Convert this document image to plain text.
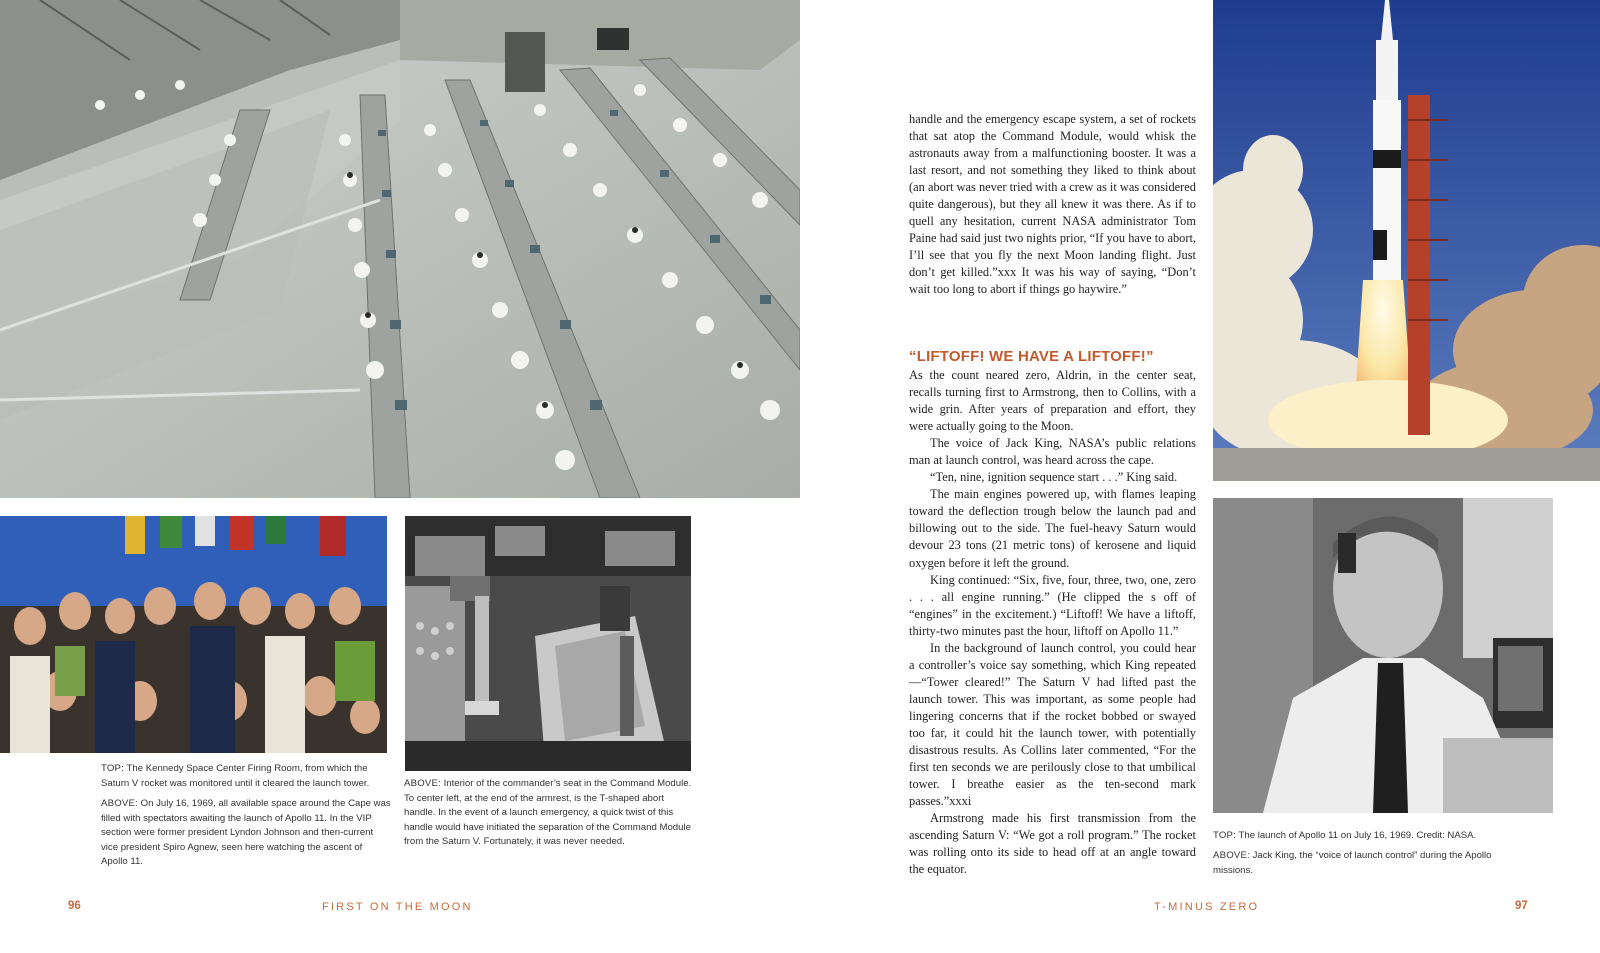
TOP: The Kennedy Space Center Firing Room, from which the Saturn V rocket was monitored until it cleared the launch tower.

ABOVE: On July 16, 1969, all available space around the Cape was filled with spectators awaiting the launch of Apollo 11. In the VIP section were former president Lyndon Johnson and then-current vice president Spiro Agnew, seen here watching the ascent of Apollo 11.

ABOVE: Interior of the commander’s seat in the Command Module. To center left, at the end of the armrest, is the T-shaped abort handle. In the event of a launch emergency, a quick twist of this handle would have initiated the separation of the Command Module from the Saturn V. Fortunately, it was never needed.

96	FIRST ON THE MOON

handle and the emergency escape system, a set of rockets that sat atop the Command Module, would whisk the astronauts away from a malfunctioning booster. It was a last resort, and not something they liked to think about (an abort was never tried with a crew as it was considered quite dangerous), but they all knew it was there. As if to quell any hesitation, current NASA administrator Tom Paine had said just two nights prior, “If you have to abort, I’ll see that you fly the next Moon landing flight. Just don’t get killed.”xxx It was his way of saying, “Don’t wait too long to abort if things go haywire.”

“LIFTOFF! WE HAVE A LIFTOFF!”

As the count neared zero, Aldrin, in the center seat, recalls turning first to Armstrong, then to Collins, with a wide grin. After years of preparation and effort, they were actually going to the Moon.

The voice of Jack King, NASA’s public relations man at launch control, was heard across the cape.

“Ten, nine, ignition sequence start . . .” King said.

The main engines powered up, with flames leaping toward the deflection trough below the launch pad and billowing out to the side. The fuel-heavy Saturn would devour 23 tons (21 metric tons) of kerosene and liquid oxygen before it left the ground.

King continued: “Six, five, four, three, two, one, zero . . . all engine running.” (He clipped the s off of “engines” in the excitement.) “Liftoff! We have a liftoff, thirty-two minutes past the hour, liftoff on Apollo 11.”

In the background of launch control, you could hear a controller’s voice say something, which King repeated—“Tower cleared!” The Saturn V had lifted past the launch tower. This was important, as some people had lingering concerns that if the rocket bobbed or swayed too far, it could hit the launch tower, with potentially disastrous results. As Collins later commented, “For the first ten seconds we are perilously close to that umbilical tower. I breathe easier as the ten-second mark passes.”xxxi

Armstrong made his first transmission from the ascending Saturn V: “We got a roll program.” The rocket was rolling onto its side to head off at an angle toward the equator.

TOP: The launch of Apollo 11 on July 16, 1969. Credit: NASA.

ABOVE: Jack King, the “voice of launch control” during the Apollo missions.

T-MINUS ZERO	97
